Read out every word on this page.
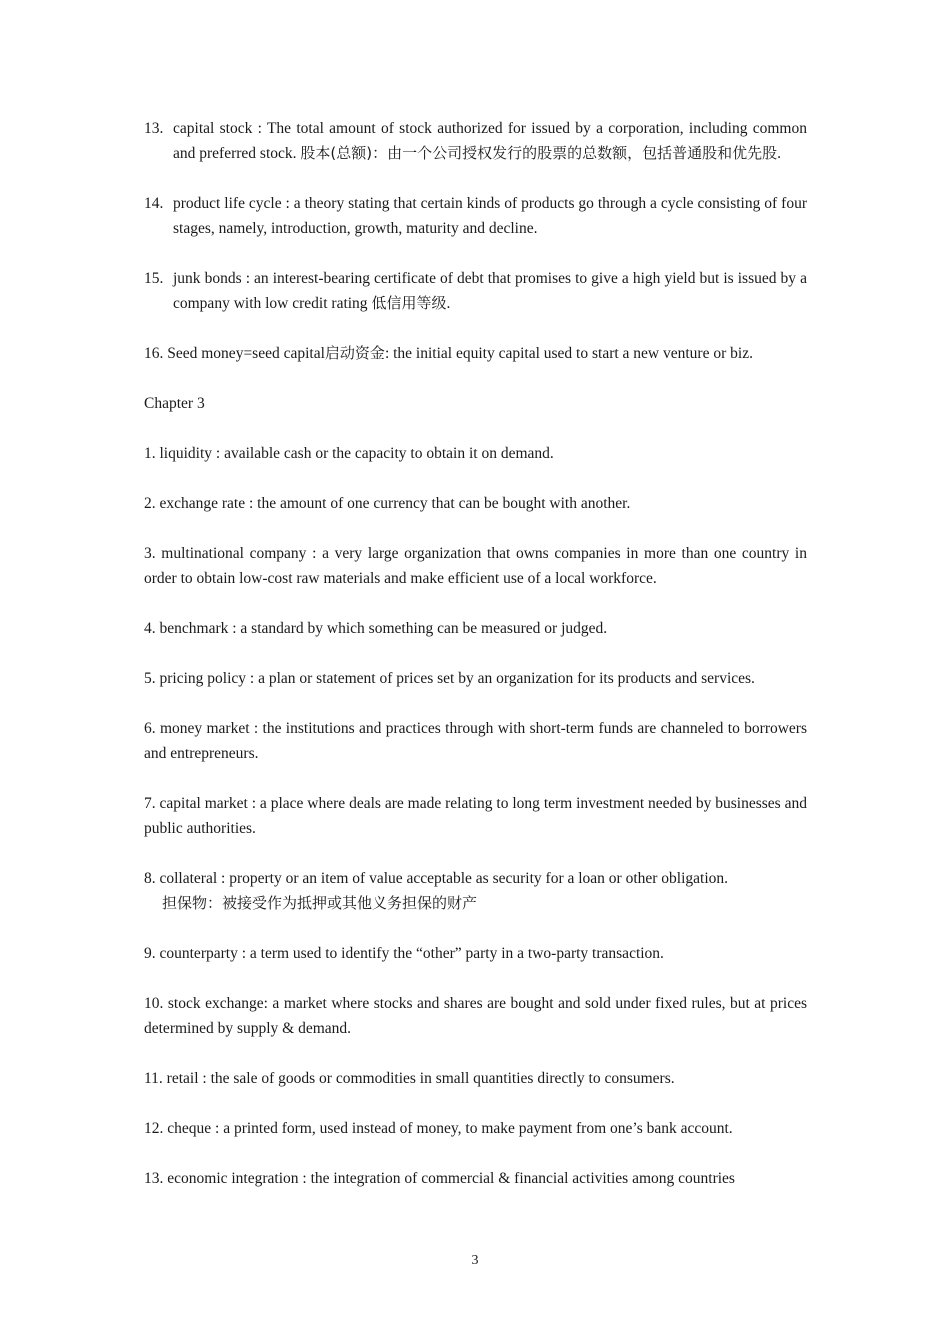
13. capital stock : The total amount of stock authorized for issued by a corporation, including common and preferred stock. 股本(总额)：由一个公司授权发行的股票的总数额，包括普通股和优先股.
14. product life cycle : a theory stating that certain kinds of products go through a cycle consisting of four stages, namely, introduction, growth, maturity and decline.
15. junk bonds : an interest-bearing certificate of debt that promises to give a high yield but is issued by a company with low credit rating 低信用等级.
16. Seed money=seed capital启动资金: the initial equity capital used to start a new venture or biz.
Chapter 3
1. liquidity : available cash or the capacity to obtain it on demand.
2. exchange rate : the amount of one currency that can be bought with another.
3. multinational company : a very large organization that owns companies in more than one country in order to obtain low-cost raw materials and make efficient use of a local workforce.
4. benchmark : a standard by which something can be measured or judged.
5. pricing policy : a plan or statement of prices set by an organization for its products and services.
6. money market : the institutions and practices through with short-term funds are channeled to borrowers and entrepreneurs.
7. capital market : a place where deals are made relating to long term investment needed by businesses and public authorities.
8. collateral : property or an item of value acceptable as security for a loan or other obligation.
担保物：被接受作为抵押或其他义务担保的财产
9. counterparty : a term used to identify the “other” party in a two-party transaction.
10. stock exchange: a market where stocks and shares are bought and sold under fixed rules, but at prices determined by supply & demand.
11. retail : the sale of goods or commodities in small quantities directly to consumers.
12. cheque : a printed form, used instead of money, to make payment from one’s bank account.
13. economic integration : the integration of commercial & financial activities among countries
3
